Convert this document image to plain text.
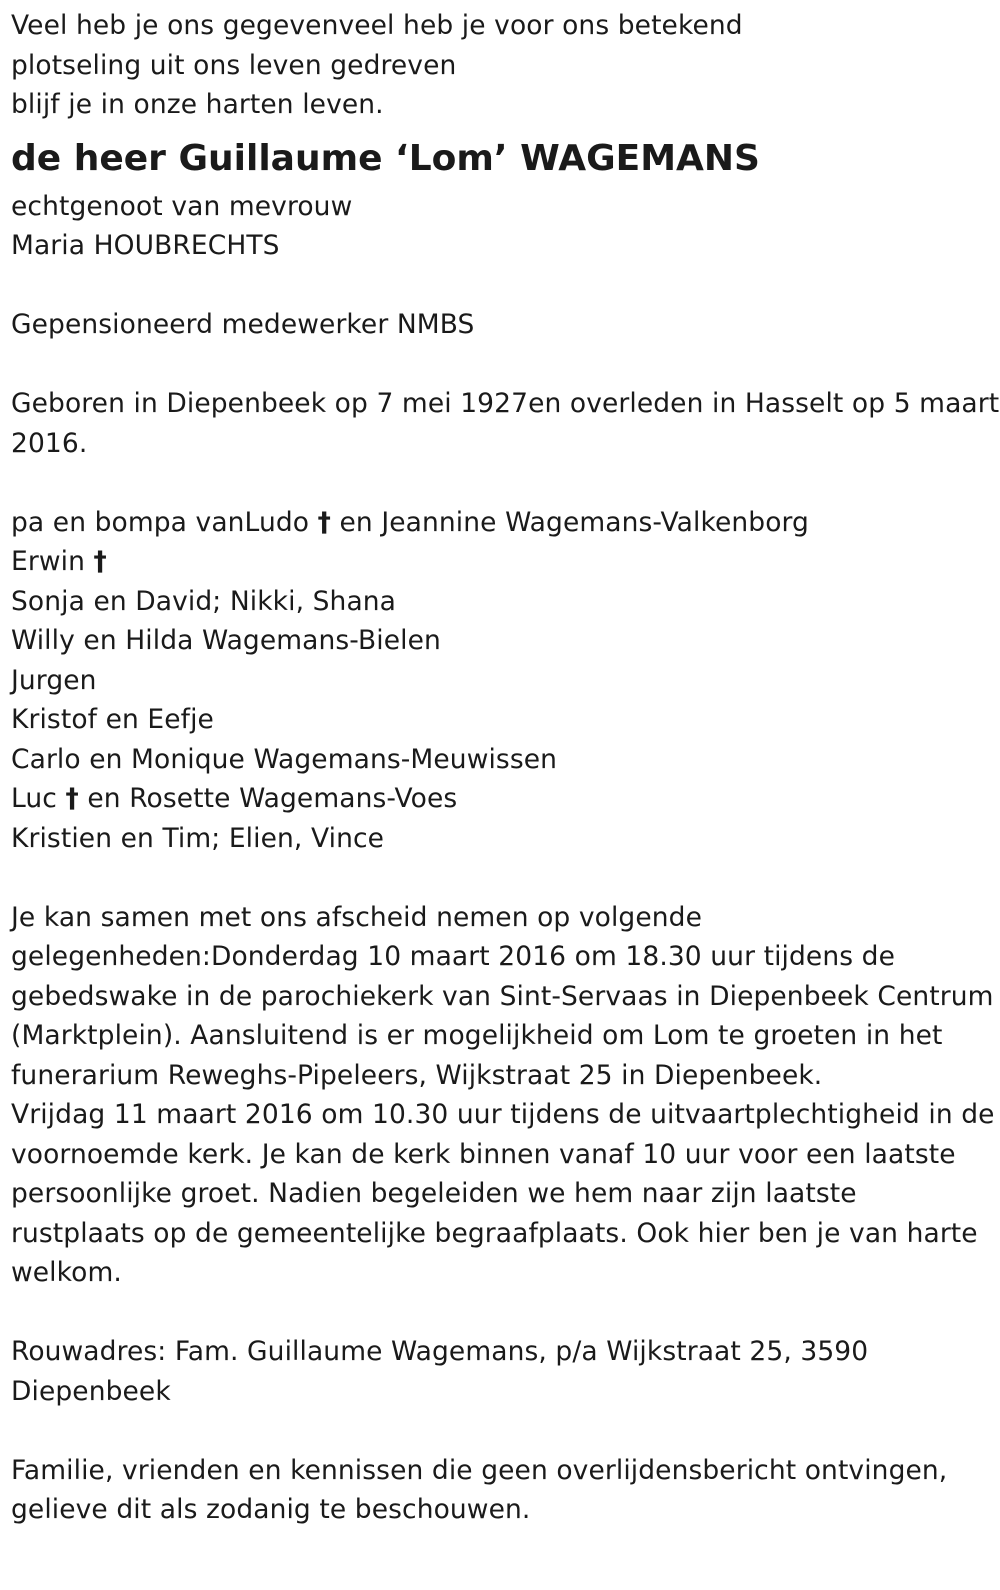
Veel heb je ons gegevenveel heb je voor ons betekend
plotseling uit ons leven gedreven
blijf je in onze harten leven.
de heer Guillaume ‘Lom’ WAGEMANS
echtgenoot van mevrouw
Maria HOUBRECHTS
Gepensioneerd medewerker NMBS
Geboren in Diepenbeek op 7 mei 1927en overleden in Hasselt op 5 maart
2016.
pa en bompa vanLudo † en Jeannine Wagemans-Valkenborg
Erwin †
Sonja en David; Nikki, Shana
Willy en Hilda Wagemans-Bielen
Jurgen
Kristof en Eefje
Carlo en Monique Wagemans-Meuwissen
Luc † en Rosette Wagemans-Voes
Kristien en Tim; Elien, Vince
Je kan samen met ons afscheid nemen op volgende
gelegenheden:Donderdag 10 maart 2016 om 18.30 uur tijdens de
gebedswake in de parochiekerk van Sint-Servaas in Diepenbeek Centrum
(Marktplein). Aansluitend is er mogelijkheid om Lom te groeten in het
funerarium Reweghs-Pipeleers, Wijkstraat 25 in Diepenbeek.
Vrijdag 11 maart 2016 om 10.30 uur tijdens de uitvaartplechtigheid in de
voornoemde kerk. Je kan de kerk binnen vanaf 10 uur voor een laatste
persoonlijke groet. Nadien begeleiden we hem naar zijn laatste
rustplaats op de gemeentelijke begraafplaats. Ook hier ben je van harte
welkom.
Rouwadres: Fam. Guillaume Wagemans, p/a Wijkstraat 25, 3590
Diepenbeek
Familie, vrienden en kennissen die geen overlijdensbericht ontvingen,
gelieve dit als zodanig te beschouwen.
